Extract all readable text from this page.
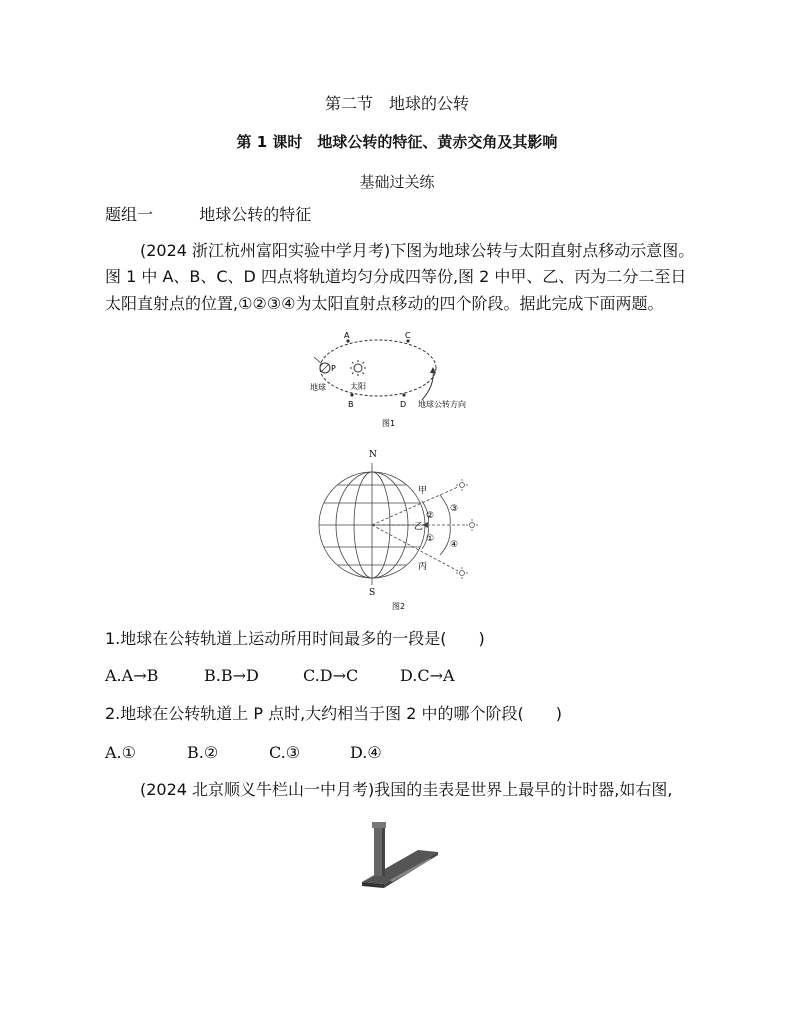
第二节　地球的公转
第 1 课时　地球公转的特征、黄赤交角及其影响
基础过关练
题组一	地球公转的特征
(2024 浙江杭州富阳实验中学月考)下图为地球公转与太阳直射点移动示意图。
图 1 中 A、B、C、D 四点将轨道均匀分成四等份,图 2 中甲、乙、丙为二分二至日
太阳直射点的位置,①②③④为太阳直射点移动的四个阶段。据此完成下面两题。
A	C
B	D
P
地球	太阳
地球公转方向
图1
N
S
甲
乙
丙
②
①
③
④
图2
1.地球在公转轨道上运动所用时间最多的一段是(　　)
A.A→B	B.B→D	C.D→C	D.C→A
2.地球在公转轨道上 P 点时,大约相当于图 2 中的哪个阶段(　　)
A.①	B.②	C.③	D.④
(2024 北京顺义牛栏山一中月考)我国的圭表是世界上最早的计时器,如右图,
